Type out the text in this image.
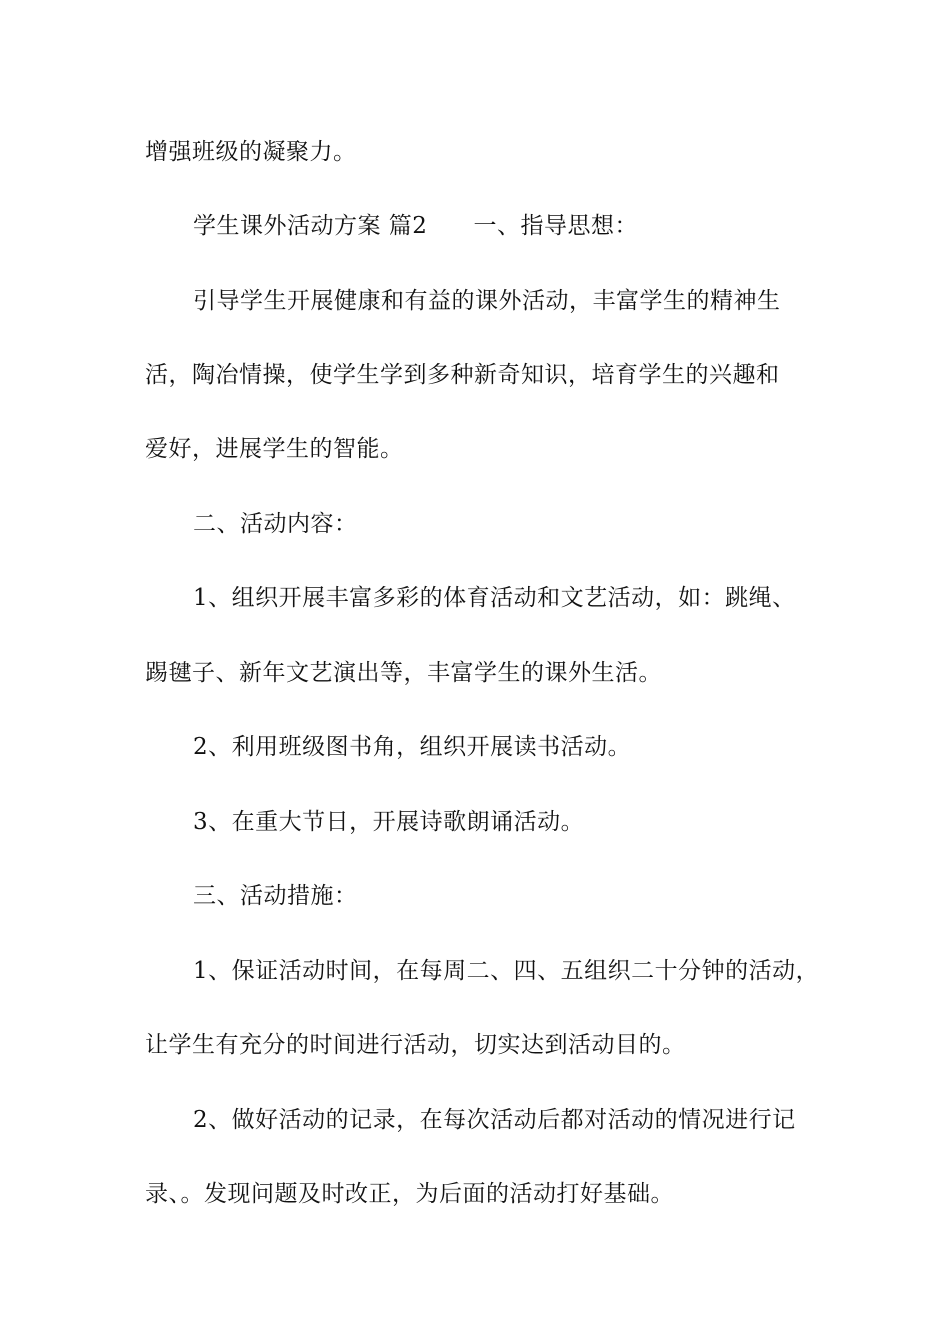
增强班级的凝聚力。
学生课外活动方案 篇2 一、指导思想：
引导学生开展健康和有益的课外活动，丰富学生的精神生
活，陶冶情操，使学生学到多种新奇知识，培育学生的兴趣和
爱好，进展学生的智能。
二、活动内容：
1、组织开展丰富多彩的体育活动和文艺活动，如：跳绳、
踢毽子、新年文艺演出等，丰富学生的课外生活。
2、利用班级图书角，组织开展读书活动。
3、在重大节日，开展诗歌朗诵活动。
三、活动措施：
1、保证活动时间，在每周二、四、五组织二十分钟的活动，
让学生有充分的时间进行活动，切实达到活动目的。
2、做好活动的记录，在每次活动后都对活动的情况进行记
录、。发现问题及时改正，为后面的活动打好基础。
